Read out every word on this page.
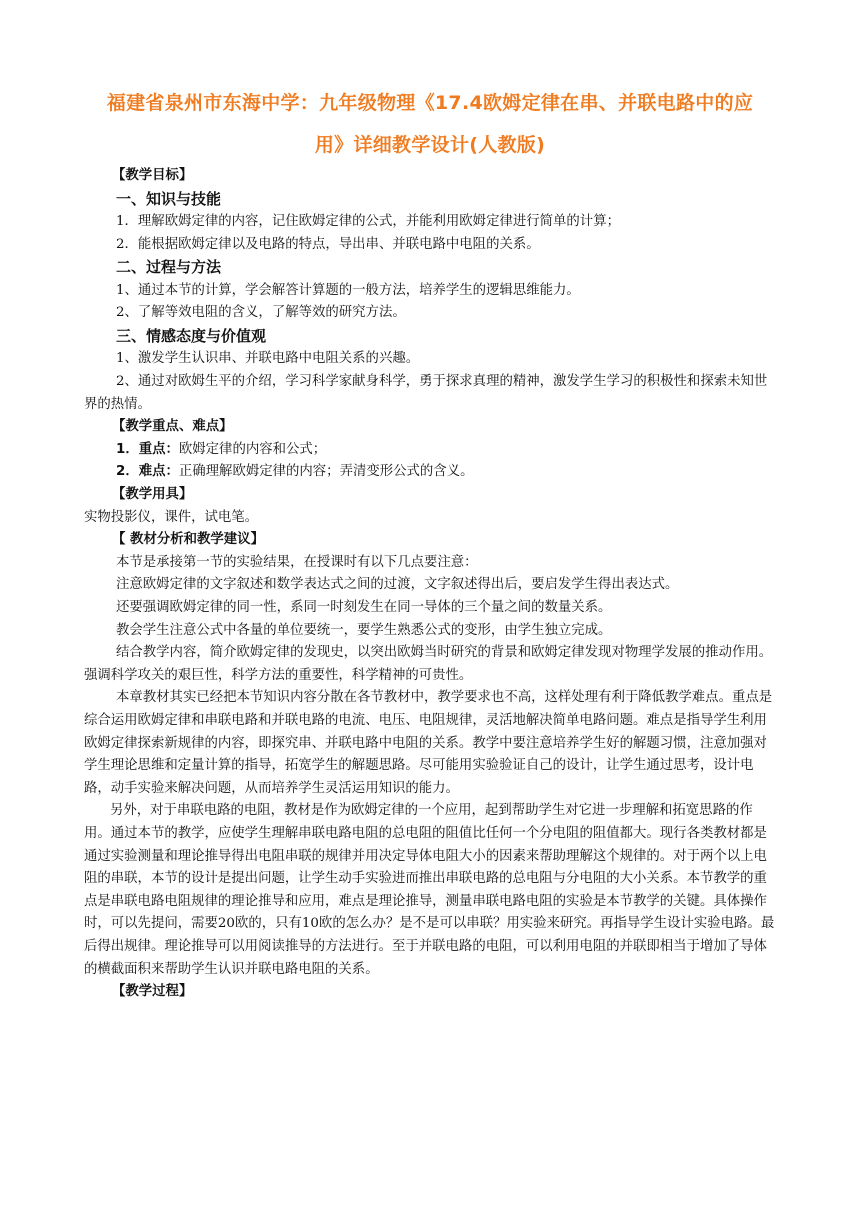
福建省泉州市东海中学：九年级物理《17.4欧姆定律在串、并联电路中的应
用》详细教学设计(人教版)

【教学目标】

一、知识与技能

1．理解欧姆定律的内容，记住欧姆定律的公式，并能利用欧姆定律进行简单的计算；

2．能根据欧姆定律以及电路的特点，导出串、并联电路中电阻的关系。

二、过程与方法

1、通过本节的计算，学会解答计算题的一般方法，培养学生的逻辑思维能力。

2、了解等效电阻的含义，了解等效的研究方法。

三、情感态度与价值观

1、激发学生认识串、并联电路中电阻关系的兴趣。

2、通过对欧姆生平的介绍，学习科学家献身科学，勇于探求真理的精神，激发学生学习的积极性和探索未知世界的热情。

【教学重点、难点】

1．重点：欧姆定律的内容和公式；

2．难点：正确理解欧姆定律的内容；弄清变形公式的含义。

【教学用具】

实物投影仪，课件，试电笔。

【 教材分析和教学建议】

本节是承接第一节的实验结果，在授课时有以下几点要注意：

注意欧姆定律的文字叙述和数学表达式之间的过渡，文字叙述得出后，要启发学生得出表达式。

还要强调欧姆定律的同一性，系同一时刻发生在同一导体的三个量之间的数量关系。

教会学生注意公式中各量的单位要统一，要学生熟悉公式的变形，由学生独立完成。

结合教学内容，简介欧姆定律的发现史，以突出欧姆当时研究的背景和欧姆定律发现对物理学发展的推动作用。强调科学攻关的艰巨性，科学方法的重要性，科学精神的可贵性。

本章教材其实已经把本节知识内容分散在各节教材中，教学要求也不高，这样处理有利于降低教学难点。重点是综合运用欧姆定律和串联电路和并联电路的电流、电压、电阻规律，灵活地解决简单电路问题。难点是指导学生利用欧姆定律探索新规律的内容，即探究串、并联电路中电阻的关系。教学中要注意培养学生好的解题习惯，注意加强对学生理论思维和定量计算的指导，拓宽学生的解题思路。尽可能用实验验证自己的设计，让学生通过思考，设计电路，动手实验来解决问题，从而培养学生灵活运用知识的能力。

另外，对于串联电路的电阻，教材是作为欧姆定律的一个应用，起到帮助学生对它进一步理解和拓宽思路的作用。通过本节的教学，应使学生理解串联电路电阻的总电阻的阻值比任何一个分电阻的阻值都大。现行各类教材都是通过实验测量和理论推导得出电阻串联的规律并用决定导体电阻大小的因素来帮助理解这个规律的。对于两个以上电阻的串联，本节的设计是提出问题，让学生动手实验进而推出串联电路的总电阻与分电阻的大小关系。本节教学的重点是串联电路电阻规律的理论推导和应用，难点是理论推导，测量串联电路电阻的实验是本节教学的关键。具体操作时，可以先提问，需要20欧的，只有10欧的怎么办？是不是可以串联？用实验来研究。再指导学生设计实验电路。最后得出规律。理论推导可以用阅读推导的方法进行。至于并联电路的电阻，可以利用电阻的并联即相当于增加了导体的横截面积来帮助学生认识并联电路电阻的关系。

【教学过程】
